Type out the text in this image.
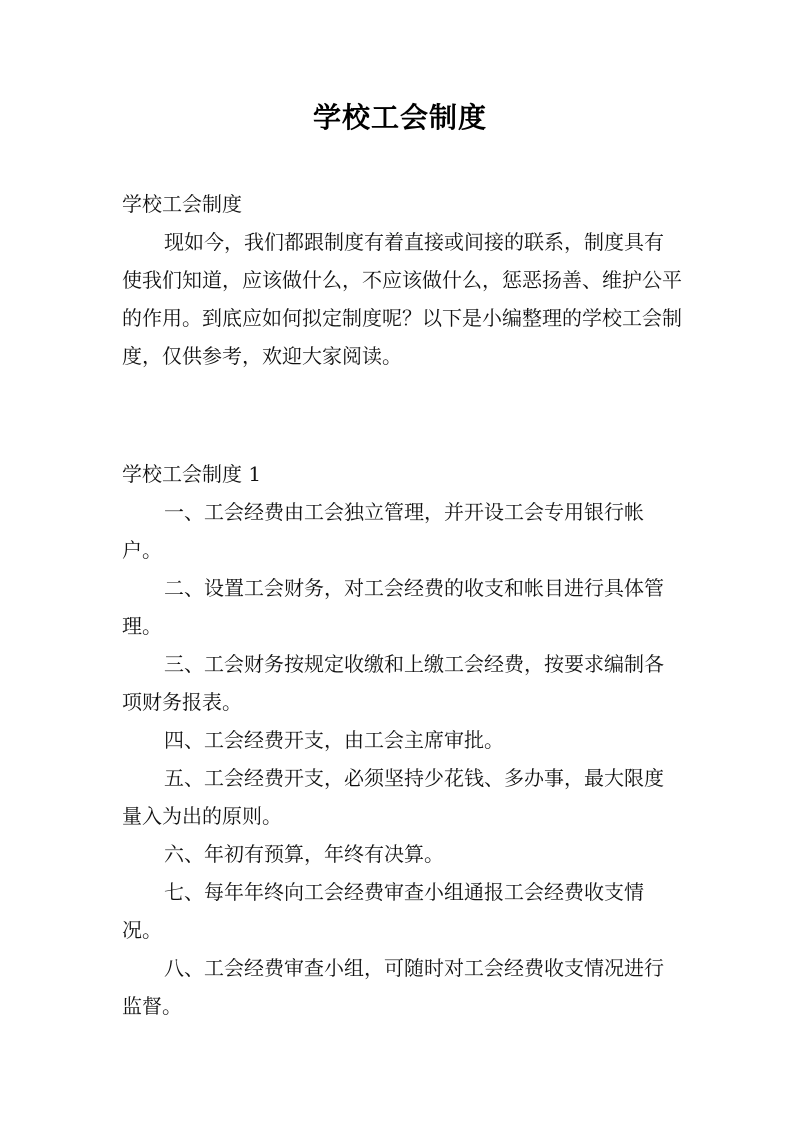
学校工会制度

学校工会制度

现如今，我们都跟制度有着直接或间接的联系，制度具有使我们知道，应该做什么，不应该做什么，惩恶扬善、维护公平的作用。到底应如何拟定制度呢？以下是小编整理的学校工会制度，仅供参考，欢迎大家阅读。

学校工会制度 1

一、工会经费由工会独立管理，并开设工会专用银行帐户。

二、设置工会财务，对工会经费的收支和帐目进行具体管理。

三、工会财务按规定收缴和上缴工会经费，按要求编制各项财务报表。

四、工会经费开支，由工会主席审批。

五、工会经费开支，必须坚持少花钱、多办事，最大限度量入为出的原则。

六、年初有预算，年终有决算。

七、每年年终向工会经费审查小组通报工会经费收支情况。

八、工会经费审查小组，可随时对工会经费收支情况进行监督。
